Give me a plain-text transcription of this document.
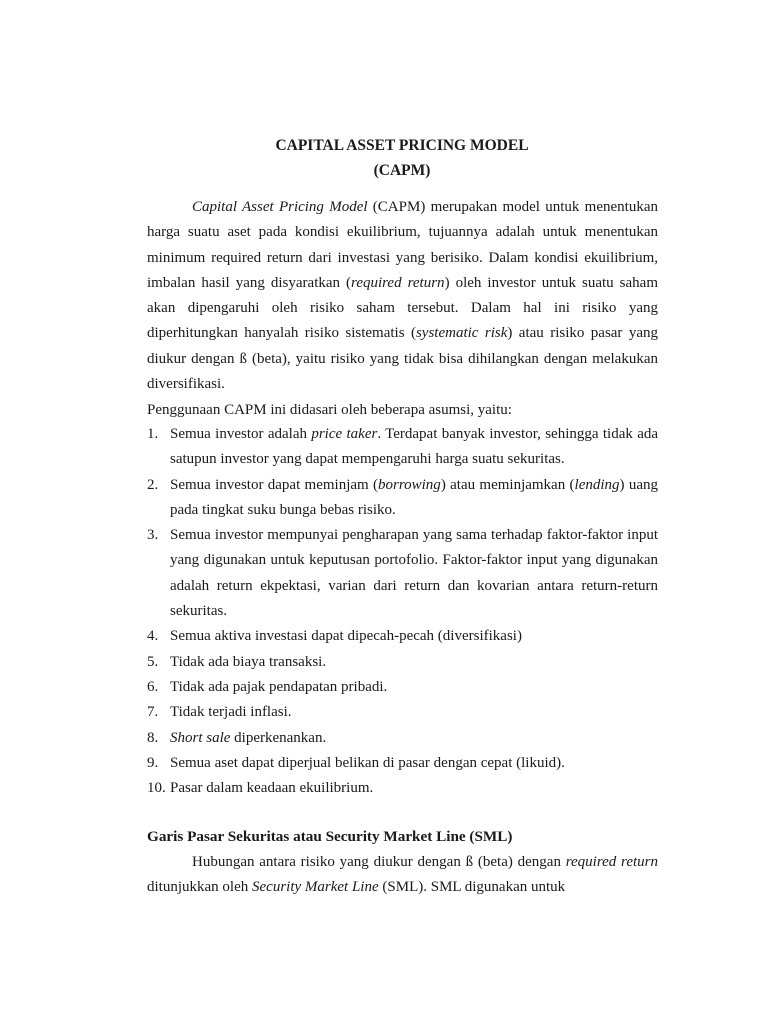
CAPITAL ASSET PRICING MODEL
(CAPM)
Capital Asset Pricing Model (CAPM) merupakan model untuk menentukan harga suatu aset pada kondisi ekuilibrium, tujuannya adalah untuk menentukan minimum required return dari investasi yang berisiko. Dalam kondisi ekuilibrium, imbalan hasil yang disyaratkan (required return) oleh investor untuk suatu saham akan dipengaruhi oleh risiko saham tersebut. Dalam hal ini risiko yang diperhitungkan hanyalah risiko sistematis (systematic risk) atau risiko pasar yang diukur dengan ß (beta), yaitu risiko yang tidak bisa dihilangkan dengan melakukan diversifikasi.
Penggunaan CAPM ini didasari oleh beberapa asumsi, yaitu:
1. Semua investor adalah price taker. Terdapat banyak investor, sehingga tidak ada satupun investor yang dapat mempengaruhi harga suatu sekuritas.
2. Semua investor dapat meminjam (borrowing) atau meminjamkan (lending) uang pada tingkat suku bunga bebas risiko.
3. Semua investor mempunyai pengharapan yang sama terhadap faktor-faktor input yang digunakan untuk keputusan portofolio. Faktor-faktor input yang digunakan adalah return ekpektasi, varian dari return dan kovarian antara return-return sekuritas.
4. Semua aktiva investasi dapat dipecah-pecah (diversifikasi)
5. Tidak ada biaya transaksi.
6. Tidak ada pajak pendapatan pribadi.
7. Tidak terjadi inflasi.
8. Short sale diperkenankan.
9. Semua aset dapat diperjual belikan di pasar dengan cepat (likuid).
10. Pasar dalam keadaan ekuilibrium.
Garis Pasar Sekuritas atau Security Market Line (SML)
Hubungan antara risiko yang diukur dengan ß (beta) dengan required return ditunjukkan oleh Security Market Line (SML). SML digunakan untuk
